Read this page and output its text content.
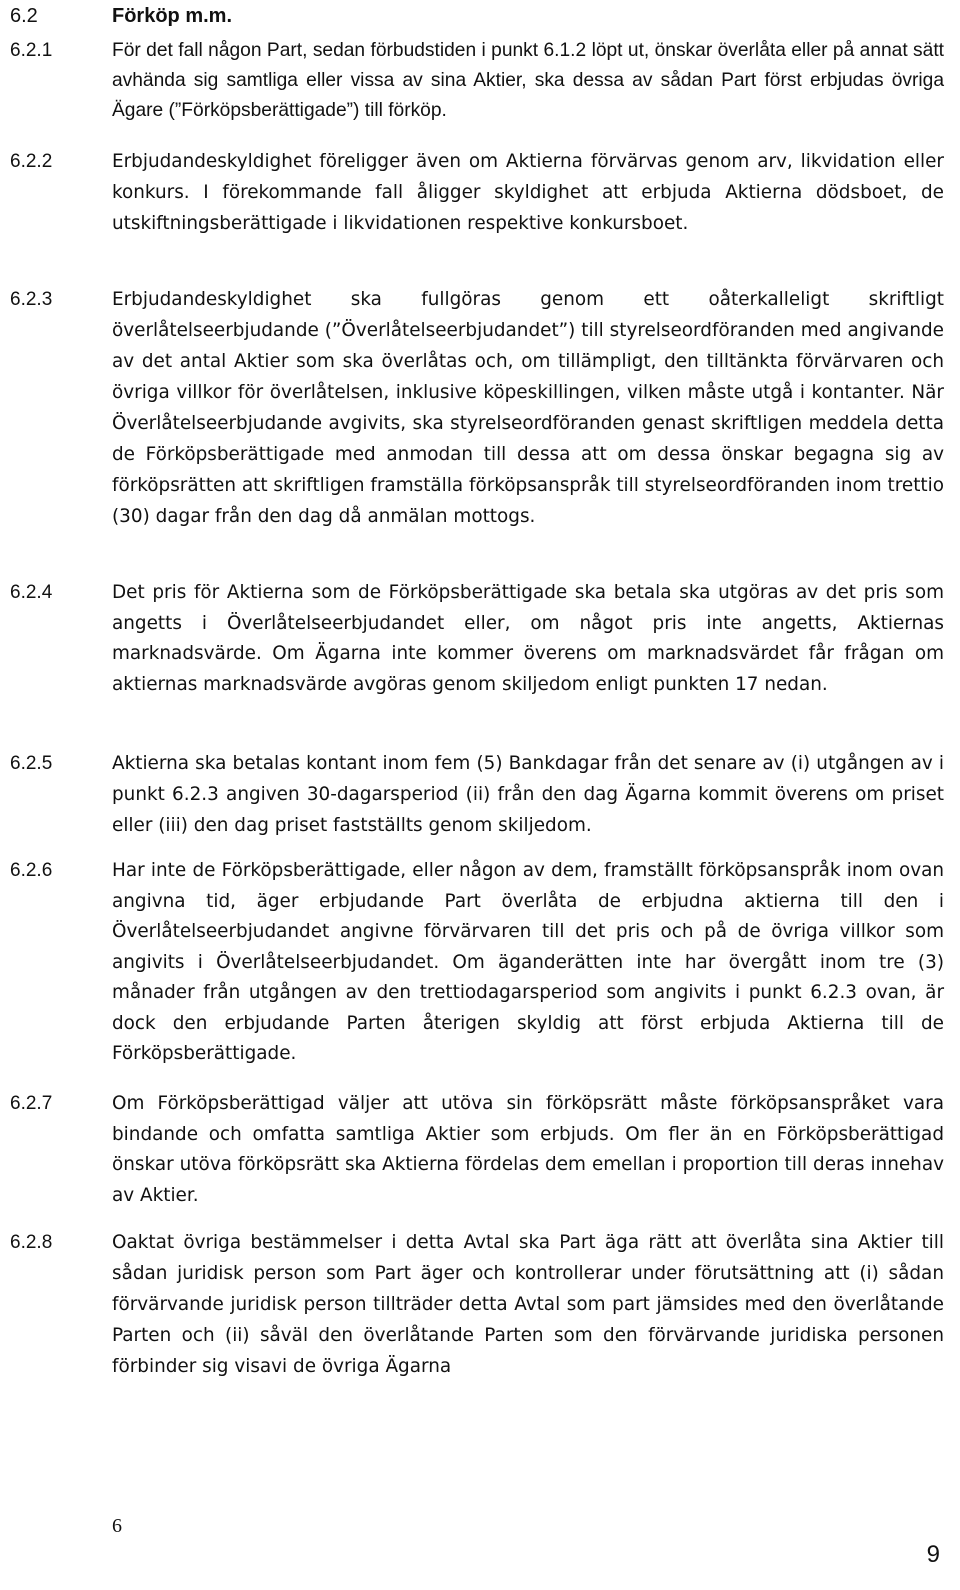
6.2	Förköp m.m.
6.2.1	För det fall någon Part, sedan förbudstiden i punkt 6.1.2 löpt ut, önskar överlåta eller på annat sätt avhända sig samtliga eller vissa av sina Aktier, ska dessa av sådan Part först erbjudas övriga Ägare (”Förköpsberättigade”) till förköp.
6.2.2	Erbjudandeskyldighet föreligger även om Aktierna förvärvas genom arv, likvidation eller konkurs. I förekommande fall åligger skyldighet att erbjuda Aktierna dödsboet, de utskiftningsberättigade i likvidationen respektive konkursboet.
6.2.3	Erbjudandeskyldighet ska fullgöras genom ett oåterkalleligt skriftligt överlåtelseerbjudande (”Överlåtelseerbjudandet”) till styrelseordföranden med angivande av det antal Aktier som ska överlåtas och, om tillämpligt, den tilltänkta förvärvaren och övriga villkor för överlåtelsen, inklusive köpeskillingen, vilken måste utgå i kontanter. När Överlåtelseerbjudande avgivits, ska styrelseordföranden genast skriftligen meddela detta de Förköpsberättigade med anmodan till dessa att om dessa önskar begagna sig av förköpsrätten att skriftligen framställa förköpsanspråk till styrelseordföranden inom trettio (30) dagar från den dag då anmälan mottogs.
6.2.4	Det pris för Aktierna som de Förköpsberättigade ska betala ska utgöras av det pris som angetts i Överlåtelseerbjudandet eller, om något pris inte angetts, Aktiernas marknadsvärde. Om Ägarna inte kommer överens om marknadsvärdet får frågan om aktiernas marknadsvärde avgöras genom skiljedom enligt punkten 17 nedan.
6.2.5	Aktierna ska betalas kontant inom fem (5) Bankdagar från det senare av (i) utgången av i punkt 6.2.3 angiven 30-dagarsperiod (ii) från den dag Ägarna kommit överens om priset eller (iii) den dag priset fastställts genom skiljedom.
6.2.6	Har inte de Förköpsberättigade, eller någon av dem, framställt förköpsanspråk inom ovan angivna tid, äger erbjudande Part överlåta de erbjudna aktierna till den i Överlåtelseerbjudandet angivne förvärvaren till det pris och på de övriga villkor som angivits i Överlåtelseerbjudandet. Om äganderätten inte har övergått inom tre (3) månader från utgången av den trettiodagarsperiod som angivits i punkt 6.2.3 ovan, är dock den erbjudande Parten återigen skyldig att först erbjuda Aktierna till de Förköpsberättigade.
6.2.7	Om Förköpsberättigad väljer att utöva sin förköpsrätt måste förköpsanspråket vara bindande och omfatta samtliga Aktier som erbjuds. Om fler än en Förköpsberättigad önskar utöva förköpsrätt ska Aktierna fördelas dem emellan i proportion till deras innehav av Aktier.
6.2.8	Oaktat övriga bestämmelser i detta Avtal ska Part äga rätt att överlåta sina Aktier till sådan juridisk person som Part äger och kontrollerar under förutsättning att (i) sådan förvärvande juridisk person tillträder detta Avtal som part jämsides med den överlåtande Parten och (ii) såväl den överlåtande Parten som den förvärvande juridiska personen förbinder sig visavi de övriga Ägarna
6
9
